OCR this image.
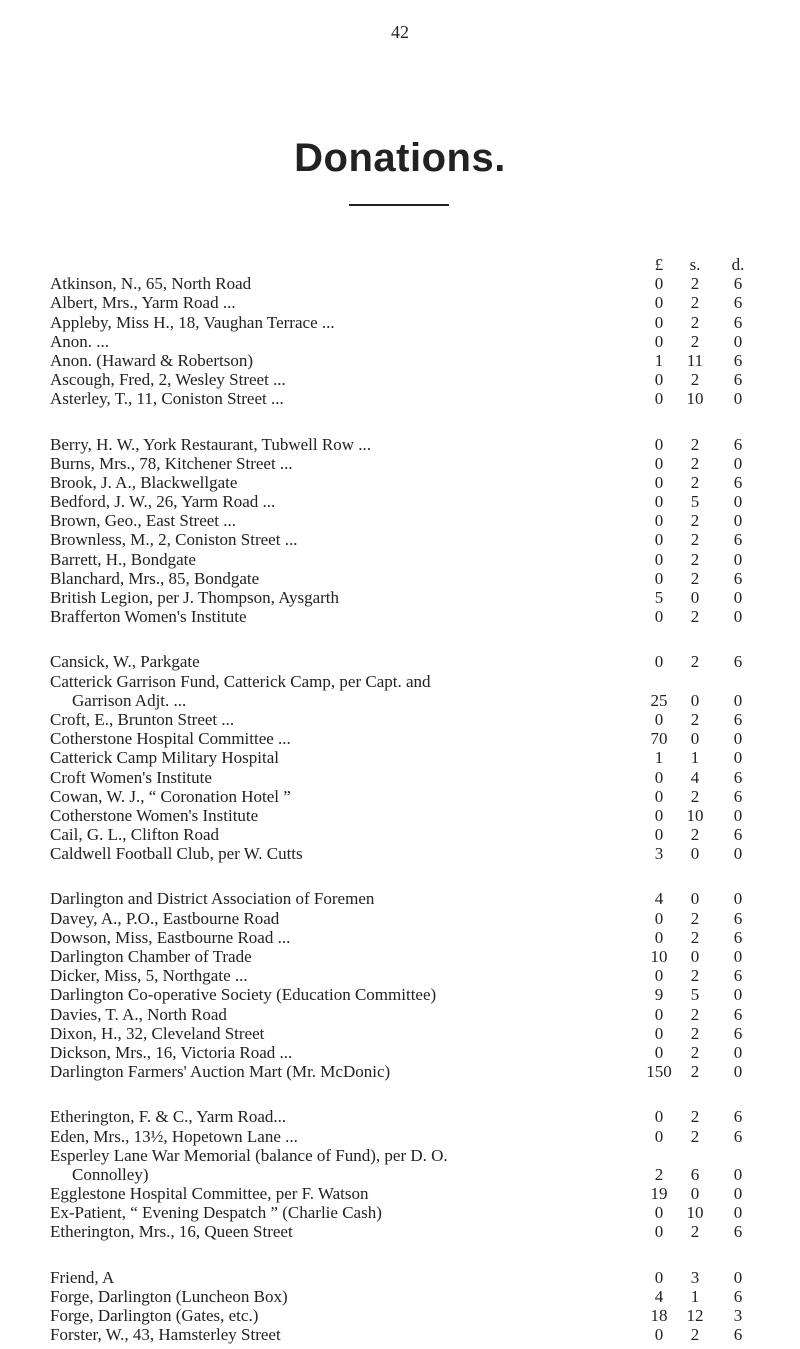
42
Donations.
£	s.	d.
Atkinson, N., 65, North Road	0	2	6
Albert, Mrs., Yarm Road ...	0	2	6
Appleby, Miss H., 18, Vaughan Terrace ...	0	2	6
Anon. ...	0	2	0
Anon. (Haward & Robertson)	1	11	6
Ascough, Fred, 2, Wesley Street ...	0	2	6
Asterley, T., 11, Coniston Street ...	0	10	0
Berry, H. W., York Restaurant, Tubwell Row ...	0	2	6
Burns, Mrs., 78, Kitchener Street ...	0	2	0
Brook, J. A., Blackwellgate	0	2	6
Bedford, J. W., 26, Yarm Road ...	0	5	0
Brown, Geo., East Street ...	0	2	0
Brownless, M., 2, Coniston Street ...	0	2	6
Barrett, H., Bondgate	0	2	0
Blanchard, Mrs., 85, Bondgate	0	2	6
British Legion, per J. Thompson, Aysgarth	5	0	0
Brafferton Women's Institute	0	2	0
Cansick, W., Parkgate	0	2	6
Catterick Garrison Fund, Catterick Camp, per Capt. and
Garrison Adjt. ...	25	0	0
Croft, E., Brunton Street ...	0	2	6
Cotherstone Hospital Committee ...	70	0	0
Catterick Camp Military Hospital	1	1	0
Croft Women's Institute	0	4	6
Cowan, W. J., “ Coronation Hotel ”	0	2	6
Cotherstone Women's Institute	0	10	0
Cail, G. L., Clifton Road	0	2	6
Caldwell Football Club, per W. Cutts	3	0	0
Darlington and District Association of Foremen	4	0	0
Davey, A., P.O., Eastbourne Road	0	2	6
Dowson, Miss, Eastbourne Road ...	0	2	6
Darlington Chamber of Trade	10	0	0
Dicker, Miss, 5, Northgate ...	0	2	6
Darlington Co-operative Society (Education Committee)	9	5	0
Davies, T. A., North Road	0	2	6
Dixon, H., 32, Cleveland Street	0	2	6
Dickson, Mrs., 16, Victoria Road ...	0	2	0
Darlington Farmers' Auction Mart (Mr. McDonic)	150	2	0
Etherington, F. & C., Yarm Road...	0	2	6
Eden, Mrs., 13½, Hopetown Lane ...	0	2	6
Esperley Lane War Memorial (balance of Fund), per D. O.
Connolley)	2	6	0
Egglestone Hospital Committee, per F. Watson	19	0	0
Ex-Patient, “ Evening Despatch ” (Charlie Cash)	0	10	0
Etherington, Mrs., 16, Queen Street	0	2	6
Friend, A	0	3	0
Forge, Darlington (Luncheon Box)	4	1	6
Forge, Darlington (Gates, etc.)	18	12	3
Forster, W., 43, Hamsterley Street	0	2	6
